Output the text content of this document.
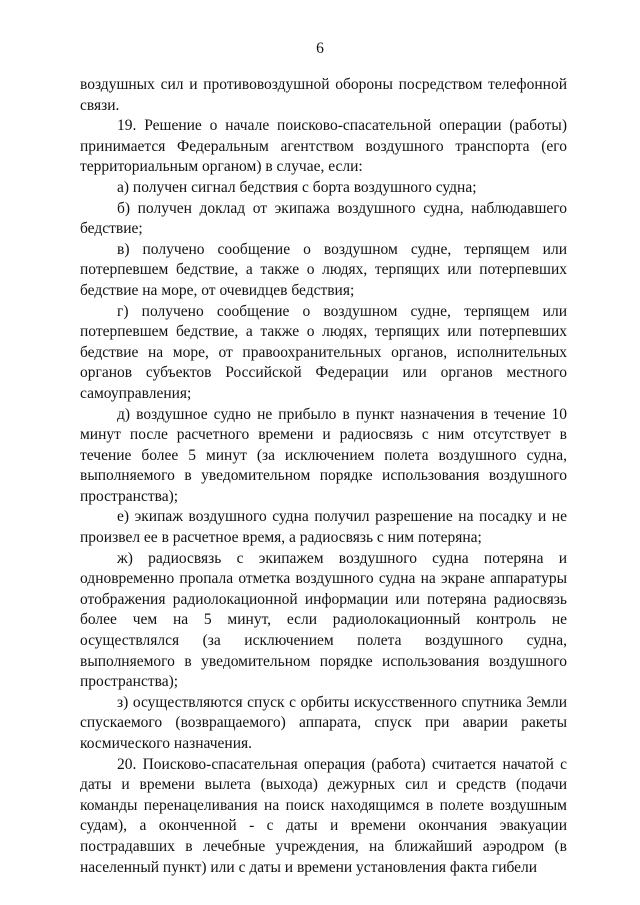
6

воздушных сил и противовоздушной обороны посредством телефонной связи.

19. Решение о начале поисково-спасательной операции (работы) принимается Федеральным агентством воздушного транспорта (его территориальным органом) в случае, если:

а) получен сигнал бедствия с борта воздушного судна;

б) получен доклад от экипажа воздушного судна, наблюдавшего бедствие;

в) получено сообщение о воздушном судне, терпящем или потерпевшем бедствие, а также о людях, терпящих или потерпевших бедствие на море, от очевидцев бедствия;

г) получено сообщение о воздушном судне, терпящем или потерпевшем бедствие, а также о людях, терпящих или потерпевших бедствие на море, от правоохранительных органов, исполнительных органов субъектов Российской Федерации или органов местного самоуправления;

д) воздушное судно не прибыло в пункт назначения в течение 10 минут после расчетного времени и радиосвязь с ним отсутствует в течение более 5 минут (за исключением полета воздушного судна, выполняемого в уведомительном порядке использования воздушного пространства);

е) экипаж воздушного судна получил разрешение на посадку и не произвел ее в расчетное время, а радиосвязь с ним потеряна;

ж) радиосвязь с экипажем воздушного судна потеряна и одновременно пропала отметка воздушного судна на экране аппаратуры отображения радиолокационной информации или потеряна радиосвязь более чем на 5 минут, если радиолокационный контроль не осуществлялся (за исключением полета воздушного судна, выполняемого в уведомительном порядке использования воздушного пространства);

з) осуществляются спуск с орбиты искусственного спутника Земли спускаемого (возвращаемого) аппарата, спуск при аварии ракеты космического назначения.

20. Поисково-спасательная операция (работа) считается начатой с даты и времени вылета (выхода) дежурных сил и средств (подачи команды перенацеливания на поиск находящимся в полете воздушным судам), а оконченной - с даты и времени окончания эвакуации пострадавших в лечебные учреждения, на ближайший аэродром (в населенный пункт) или с даты и времени установления факта гибели
